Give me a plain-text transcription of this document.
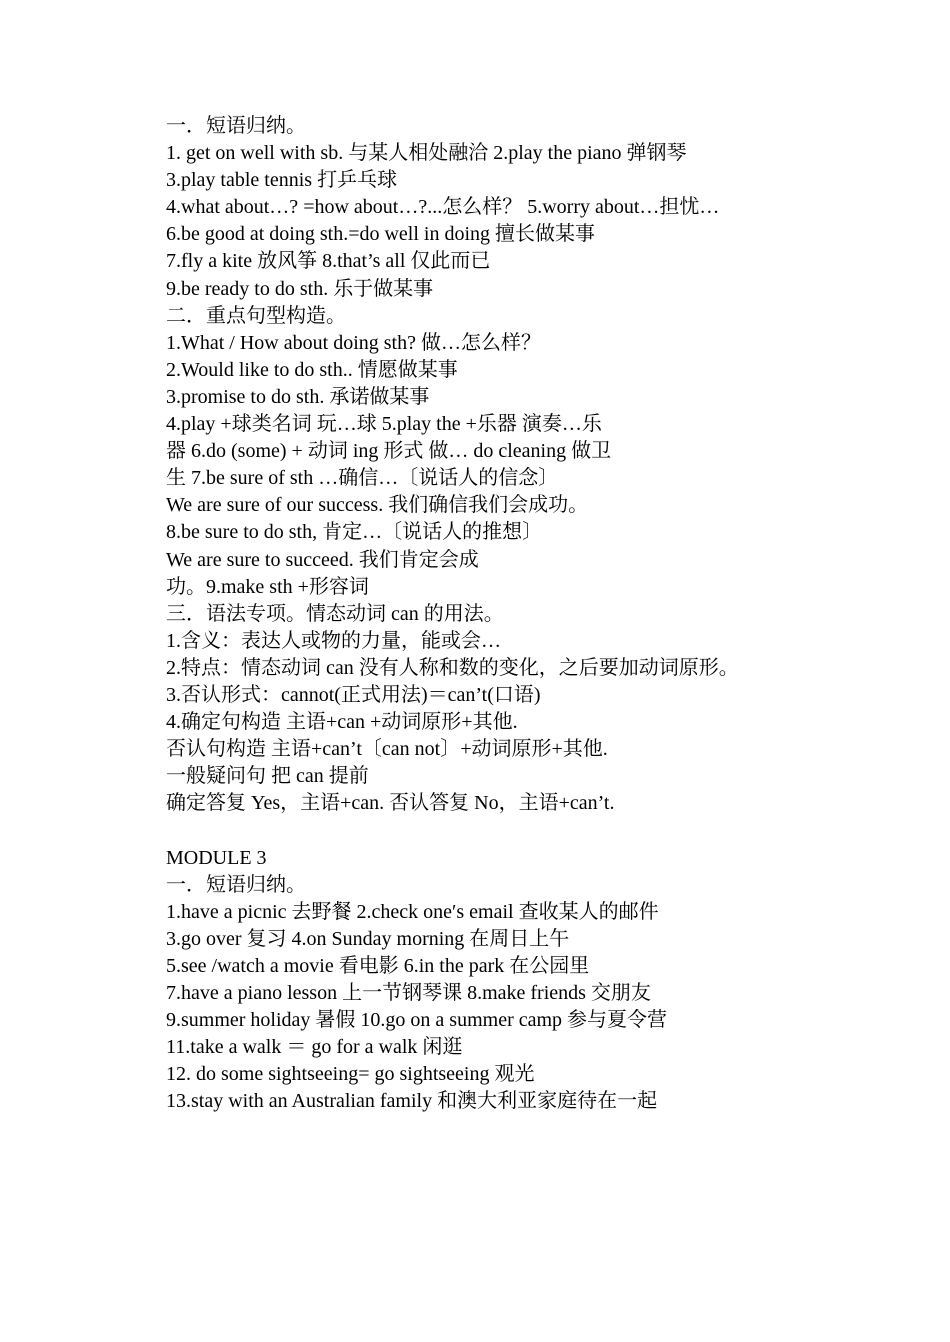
一．短语归纳。
1. get on well with sb. 与某人相处融洽 2.play the piano 弹钢琴
3.play table tennis 打乒乓球
4.what about…? =how about…?...怎么样？ 5.worry about…担忧…
6.be good at doing sth.=do well in doing 擅长做某事
7.fly a kite 放风筝 8.that’s all 仅此而已
9.be ready to do sth. 乐于做某事
二．重点句型构造。
1.What / How about doing sth? 做…怎么样？
2.Would like to do sth.. 情愿做某事
3.promise to do sth. 承诺做某事
4.play +球类名词 玩…球 5.play the +乐器 演奏…乐
器 6.do (some) + 动词 ing 形式 做… do cleaning 做卫
生 7.be sure of sth …确信…〔说话人的信念〕
We are sure of our success. 我们确信我们会成功。
8.be sure to do sth, 肯定…〔说话人的推想〕
We are sure to succeed. 我们肯定会成
功。9.make sth +形容词
三．语法专项。情态动词 can 的用法。
1.含义：表达人或物的力量，能或会…
2.特点：情态动词 can 没有人称和数的变化，之后要加动词原形。
3.否认形式：cannot(正式用法)＝can’t(口语)
4.确定句构造 主语+can +动词原形+其他.
否认句构造 主语+can’t〔can not〕+动词原形+其他.
一般疑问句 把 can 提前
确定答复 Yes，主语+can. 否认答复 No，主语+can’t.
MODULE 3
一．短语归纳。
1.have a picnic 去野餐 2.check one′s email 查收某人的邮件
3.go over 复习 4.on Sunday morning 在周日上午
5.see /watch a movie 看电影 6.in the park 在公园里
7.have a piano lesson 上一节钢琴课 8.make friends 交朋友
9.summer holiday 暑假 10.go on a summer camp 参与夏令营
11.take a walk ＝ go for a walk 闲逛
12. do some sightseeing= go sightseeing 观光
13.stay with an Australian family 和澳大利亚家庭待在一起
